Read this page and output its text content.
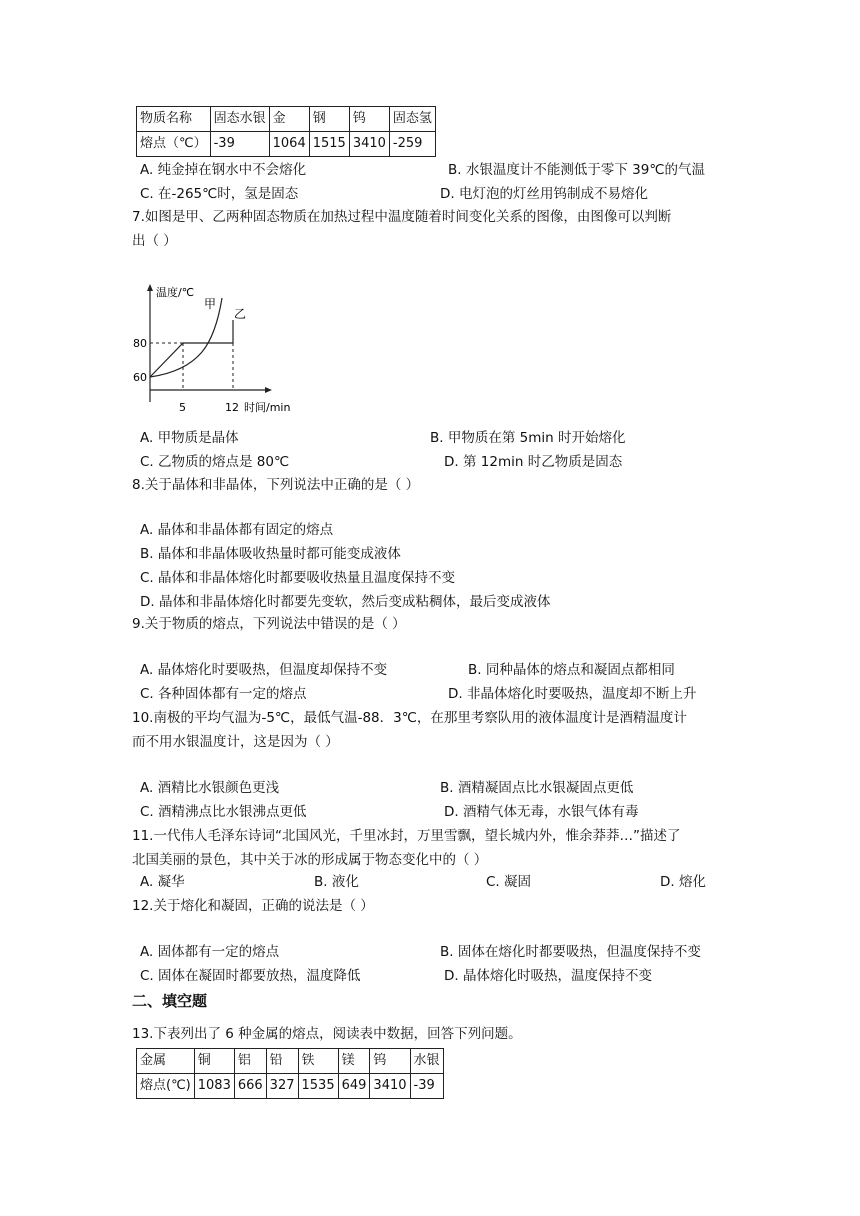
物质名称	固态水银	金	钢	钨	固态氢
熔点（℃）	-39	1064	1515	3410	-259
A. 纯金掉在钢水中不会熔化	B. 水银温度计不能测低于零下 39℃的气温
C. 在-265℃时，氢是固态	D. 电灯泡的灯丝用钨制成不易熔化
7.如图是甲、乙两种固态物质在加热过程中温度随着时间变化关系的图像，由图像可以判断
出（ ）
温度/℃
时间/min
80
60
5	12
甲
乙
A. 甲物质是晶体	B. 甲物质在第 5min 时开始熔化
C. 乙物质的熔点是 80℃	D. 第 12min 时乙物质是固态
8.关于晶体和非晶体，下列说法中正确的是（ ）
A. 晶体和非晶体都有固定的熔点
B. 晶体和非晶体吸收热量时都可能变成液体
C. 晶体和非晶体熔化时都要吸收热量且温度保持不变
D. 晶体和非晶体熔化时都要先变软，然后变成粘稠体，最后变成液体
9.关于物质的熔点，下列说法中错误的是（ ）
A. 晶体熔化时要吸热，但温度却保持不变	B. 同种晶体的熔点和凝固点都相同
C. 各种固体都有一定的熔点	D. 非晶体熔化时要吸热，温度却不断上升
10.南极的平均气温为-5℃，最低气温-88．3℃，在那里考察队用的液体温度计是酒精温度计
而不用水银温度计，这是因为（ ）
A. 酒精比水银颜色更浅	B. 酒精凝固点比水银凝固点更低
C. 酒精沸点比水银沸点更低	D. 酒精气体无毒，水银气体有毒
11.一代伟人毛泽东诗词“北国风光，千里冰封，万里雪飘，望长城内外，惟余莽莽…”描述了
北国美丽的景色，其中关于冰的形成属于物态变化中的（ ）
A. 凝华	B. 液化	C. 凝固	D. 熔化
12.关于熔化和凝固，正确的说法是（ ）
A. 固体都有一定的熔点	B. 固体在熔化时都要吸热，但温度保持不变
C. 固体在凝固时都要放热，温度降低	D. 晶体熔化时吸热，温度保持不变
二、填空题
13.下表列出了 6 种金属的熔点，阅读表中数据，回答下列问题。
金属	铜	铝	铅	铁	镁	钨	水银
熔点(℃)	1083	666	327	1535	649	3410	-39
